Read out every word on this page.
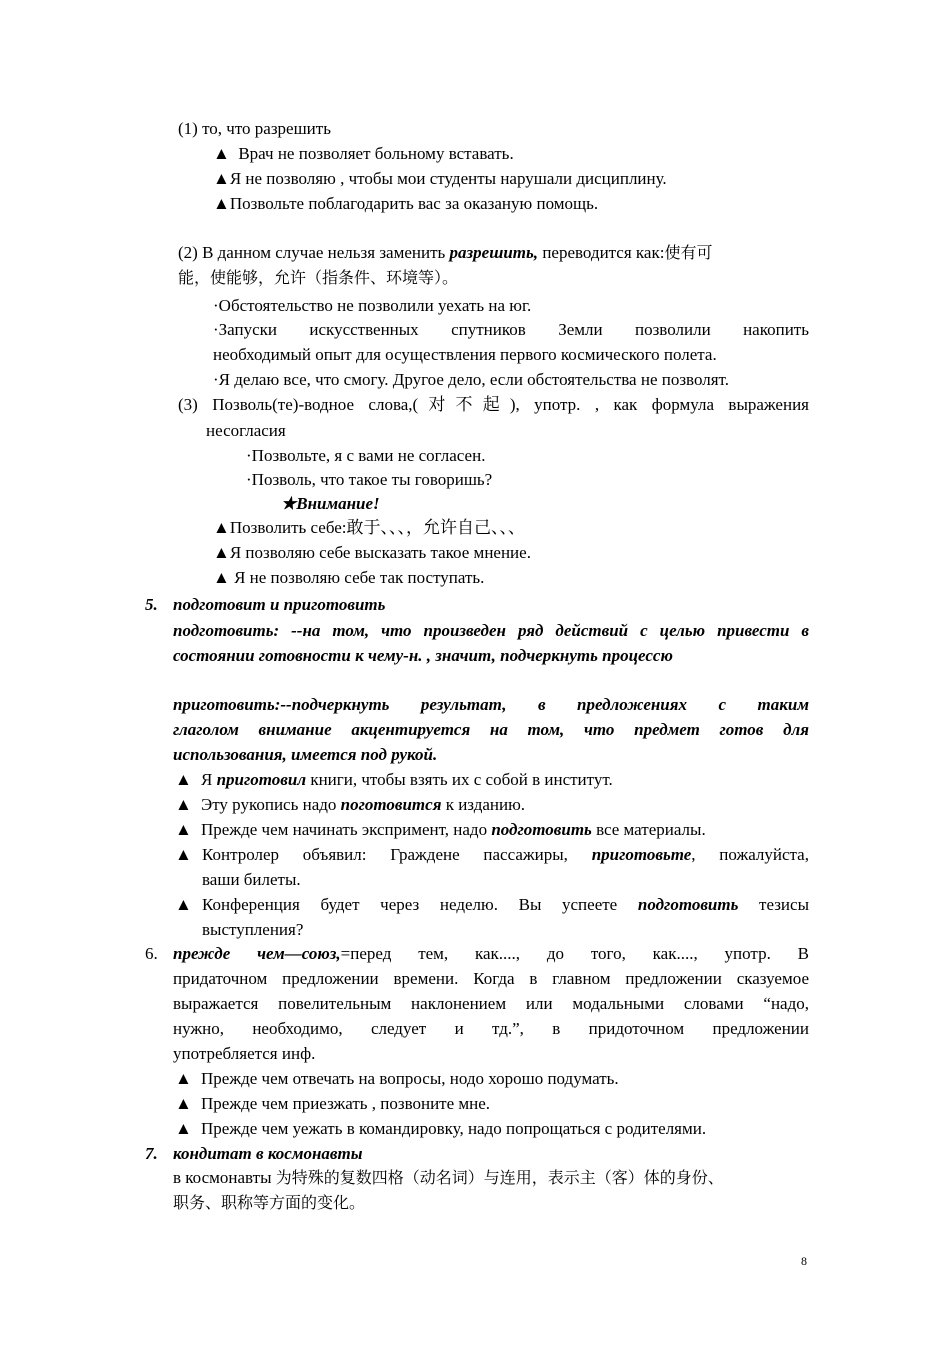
(1) то, что разрешить
▲ Врач не позволяет больному вставать.
▲Я не позволяю , чтобы мои студенты нарушали дисциплину.
▲Позвольте поблагодарить вас за оказаную помощь.
(2) В данном случае нельзя заменить разрешить, переводится как:使有可
能，使能够，允许（指条件、环境等）。
·Обстоятельство не позволили уехать на юг.
·Запуски искусственных спутников Земли позволили накопить
необходимый опыт для осуществления первого космического полета.
·Я делаю все, что смогу. Другое дело, если обстоятельства не позволят.
(3) Позволь(те)-водное слова,(对不起), употр. , как формула выражения
несогласия
·Позвольте, я с вами не согласен.
·Позволь, что такое ты говоришь?
★Внимание!
▲Позволить себе:敢于、、、，允许自己、、、
▲Я позволяю себе высказать такое мнение.
▲ Я не позволяю себе так поступать.
5. подготовит и приготовить
подготовить: --на том, что произведен ряд действий с целью привести в
состоянии готовности к чему-н. , значит, подчеркнуть процессю
приготовить:--подчеркнуть результат, в предложениях с таким
глаголом внимание акцентируется на том, что предмет готов для
использования, имеется под рукой.
▲ Я приготовил книги, чтобы взять их с собой в институт.
▲ Эту рукопись надо поготовится к изданию.
▲ Прежде чем начинать экспримент, надо подготовить все материалы.
▲ Контролер объявил: Граждене пассажиры, приготовьте, пожалуйста,
ваши билеты.
▲ Конференция будет через неделю. Вы успеете подготовить тезисы
выступления?
6. прежде чем—союз,=перед тем, как...., до того, как...., употр. В
придаточном предложении времени. Когда в главном предложении сказуемое
выражается повелительным наклонением или модальными словами “надо,
нужно, необходимо, следует и тд.”, в придоточном предложении
употребляется инф.
▲ Прежде чем отвечать на вопросы, нодо хорошо подумать.
▲ Прежде чем приезжать , позвоните мне.
▲ Прежде чем уежать в командировку, надо попрощаться с родителями.
7. кондитат в космонавты
в космонавты 为特殊的复数四格（动名词）与连用，表示主（客）体的身份、
职务、职称等方面的变化。
8
